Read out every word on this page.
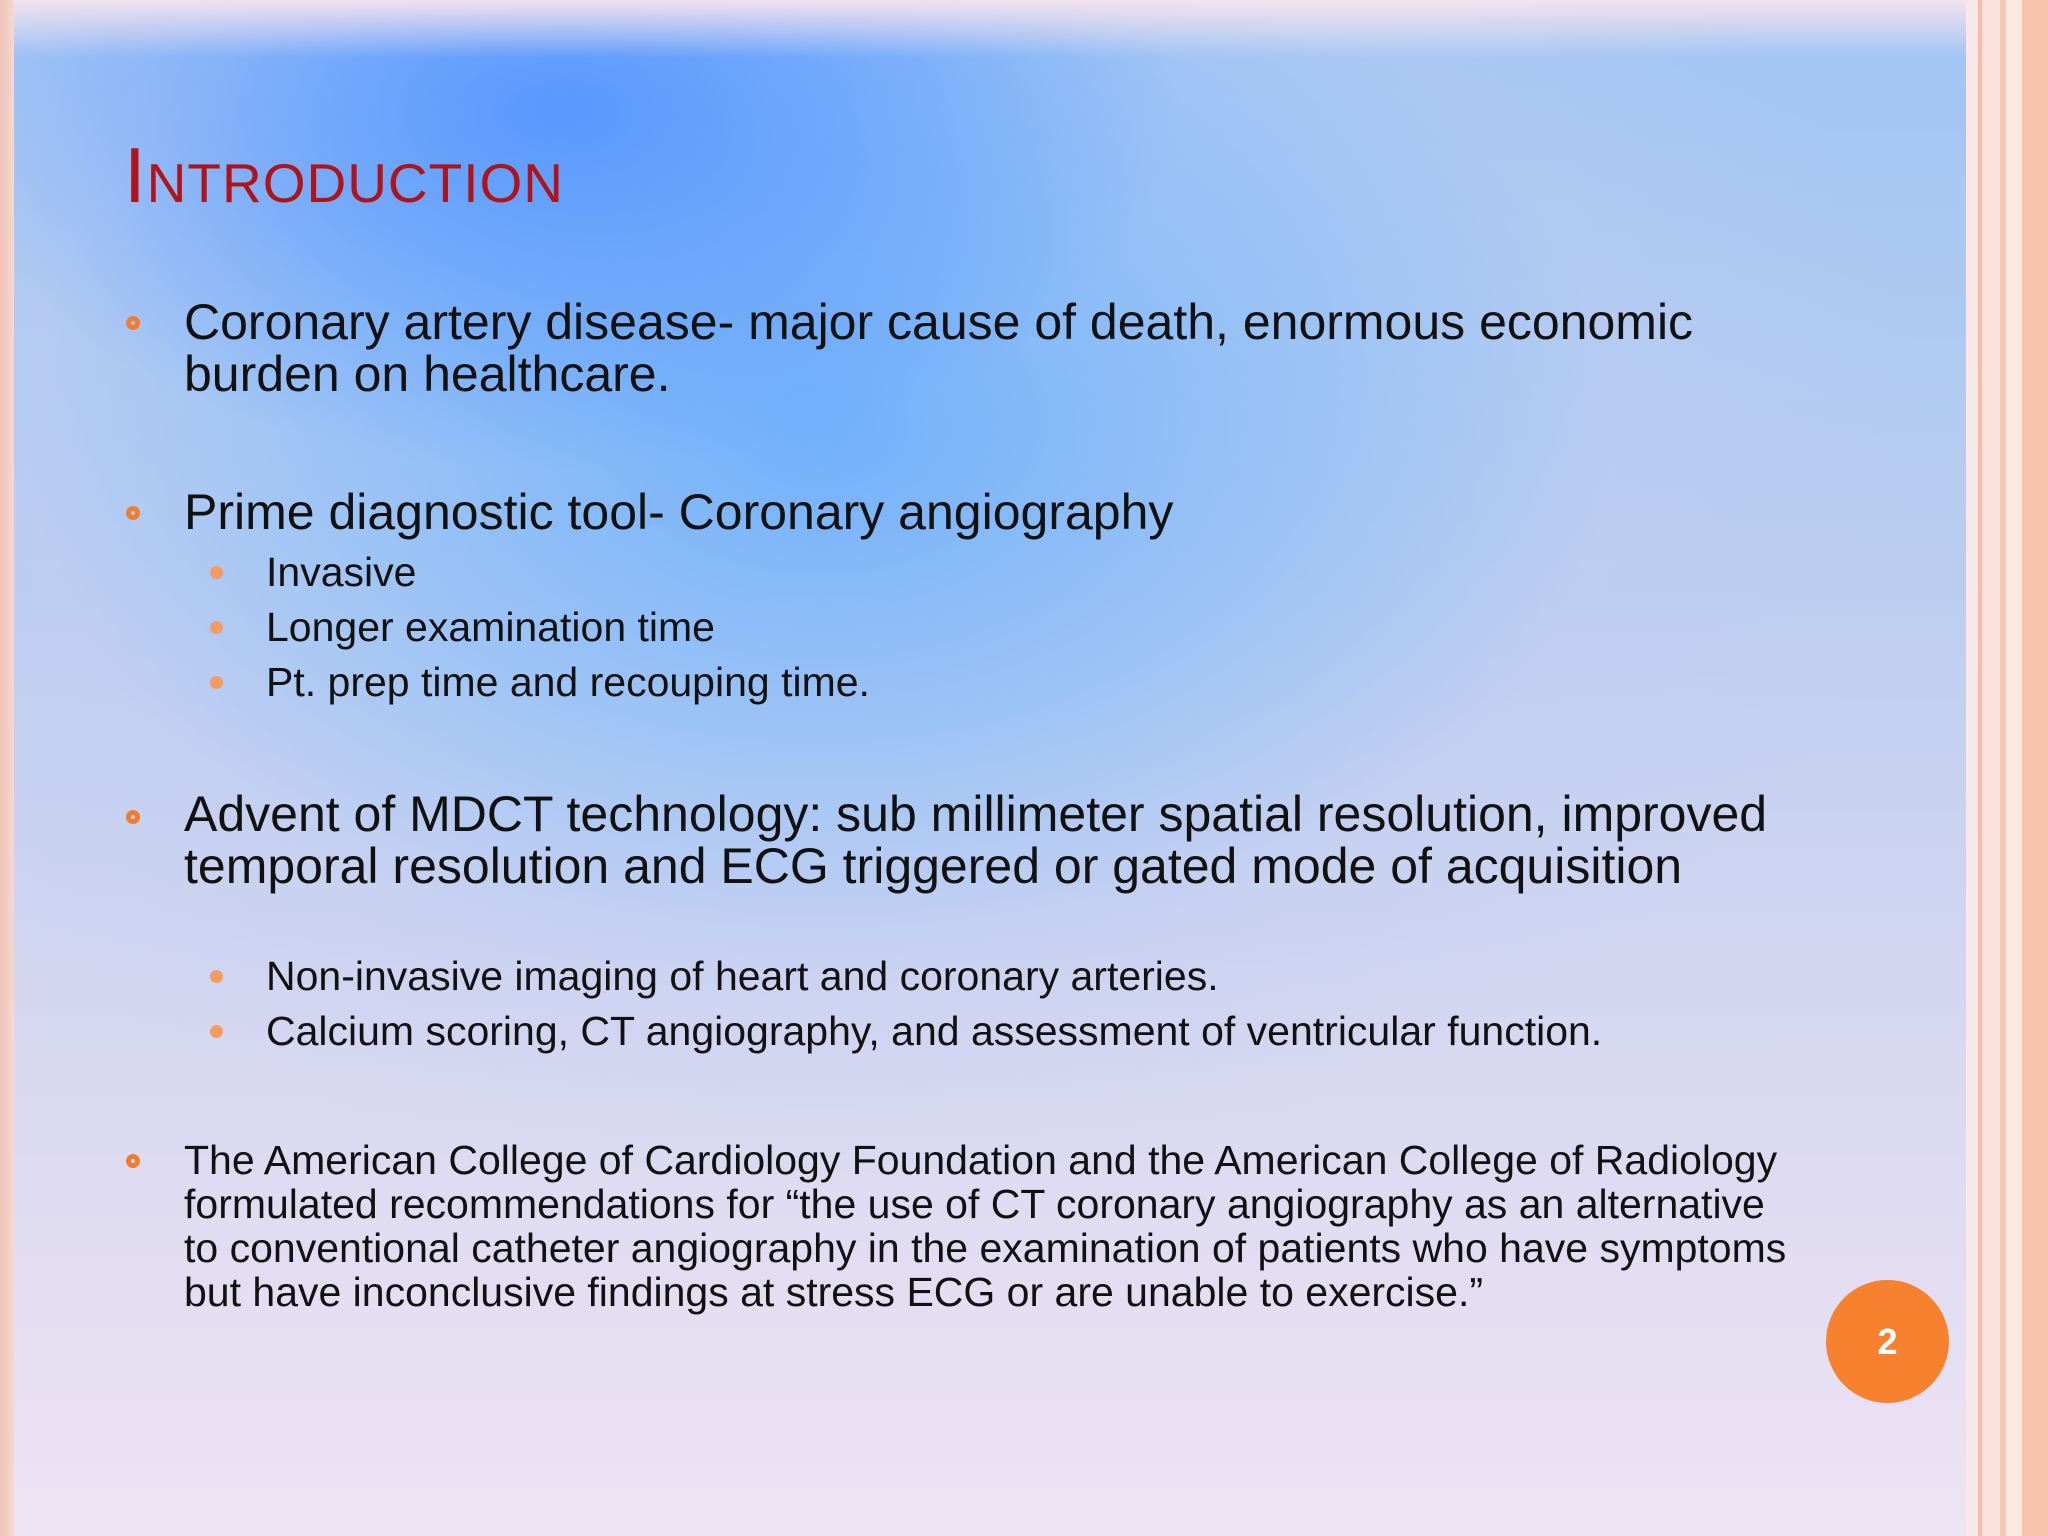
Introduction

Coronary artery disease- major cause of death, enormous economic burden on healthcare.

Prime diagnostic tool- Coronary angiography

Invasive
Longer examination time
Pt. prep time and recouping time.

Advent of MDCT technology: sub millimeter spatial resolution, improved temporal resolution and ECG triggered or gated mode of acquisition

Non-invasive imaging of heart and coronary arteries.
Calcium scoring, CT angiography, and assessment of ventricular function.

The American College of Cardiology Foundation and the American College of Radiology formulated recommendations for “the use of CT coronary angiography as an alternative to conventional catheter angiography in the examination of patients who have symptoms but have inconclusive findings at stress ECG or are unable to exercise.”

2
